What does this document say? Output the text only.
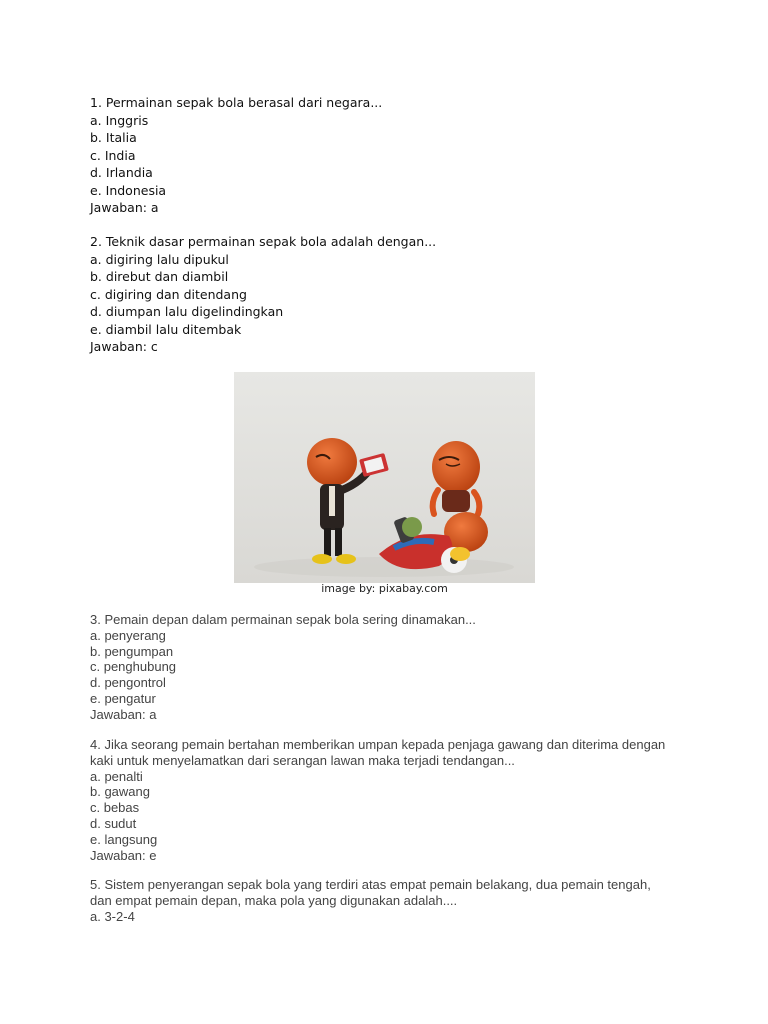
1. Permainan sepak bola berasal dari negara...
a. Inggris
b. Italia
c. India
d. Irlandia
e. Indonesia
Jawaban: a
2. Teknik dasar permainan sepak bola adalah dengan...
a. digiring lalu dipukul
b. direbut dan diambil
c. digiring dan ditendang
d. diumpan lalu digelindingkan
e. diambil lalu ditembak
Jawaban: c
image by: pixabay.com
3. Pemain depan dalam permainan sepak bola sering dinamakan...
a. penyerang
b. pengumpan
c. penghubung
d. pengontrol
e. pengatur
Jawaban: a
4. Jika seorang pemain bertahan memberikan umpan kepada penjaga gawang dan diterima dengan
kaki untuk menyelamatkan dari serangan lawan maka terjadi tendangan...
a. penalti
b. gawang
c. bebas
d. sudut
e. langsung
Jawaban: e
5. Sistem penyerangan sepak bola yang terdiri atas empat pemain belakang, dua pemain tengah,
dan empat pemain depan, maka pola yang digunakan adalah....
a. 3-2-4
